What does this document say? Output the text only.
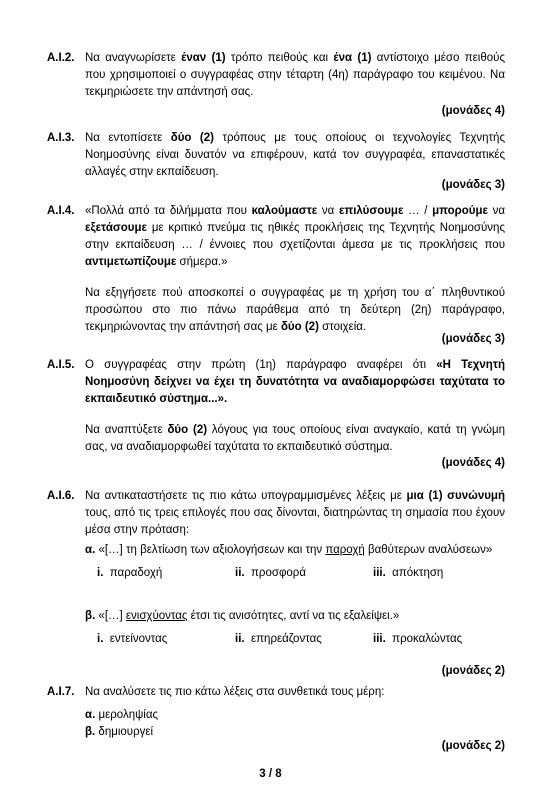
Α.Ι.2. Να αναγνωρίσετε έναν (1) τρόπο πειθούς και ένα (1) αντίστοιχο μέσο πειθούς που χρησιμοποιεί ο συγγραφέας στην τέταρτη (4η) παράγραφο του κειμένου. Να τεκμηριώσετε την απάντησή σας.
(μονάδες 4)
Α.Ι.3. Να εντοπίσετε δύο (2) τρόπους με τους οποίους οι τεχνολογίες Τεχνητής Νοημοσύνης είναι δυνατόν να επιφέρουν, κατά τον συγγραφέα, επαναστατικές αλλαγές στην εκπαίδευση.
(μονάδες 3)
Α.Ι.4. «Πολλά από τα διλήμματα που καλούμαστε να επιλύσουμε … / μπορούμε να εξετάσουμε με κριτικό πνεύμα τις ηθικές προκλήσεις της Τεχνητής Νοημοσύνης στην εκπαίδευση … / έννοιες που σχετίζονται άμεσα με τις προκλήσεις που αντιμετωπίζουμε σήμερα.»
Να εξηγήσετε πού αποσκοπεί ο συγγραφέας με τη χρήση του α΄ πληθυντικού προσώπου στο πιο πάνω παράθεμα από τη δεύτερη (2η) παράγραφο, τεκμηριώνοντας την απάντησή σας με δύο (2) στοιχεία.
(μονάδες 3)
Α.Ι.5. Ο συγγραφέας στην πρώτη (1η) παράγραφο αναφέρει ότι «Η Τεχνητή Νοημοσύνη δείχνει να έχει τη δυνατότητα να αναδιαμορφώσει ταχύτατα το εκπαιδευτικό σύστημα...».
Να αναπτύξετε δύο (2) λόγους για τους οποίους είναι αναγκαίο, κατά τη γνώμη σας, να αναδιαμορφωθεί ταχύτατα το εκπαιδευτικό σύστημα.
(μονάδες 4)
Α.Ι.6. Να αντικαταστήσετε τις πιο κάτω υπογραμμισμένες λέξεις με μια (1) συνώνυμή τους, από τις τρεις επιλογές που σας δίνονται, διατηρώντας τη σημασία που έχουν μέσα στην πρόταση:
α. «[…] τη βελτίωση των αξιολογήσεων και την παροχή βαθύτερων αναλύσεων»
i. παραδοχή	ii. προσφορά	iii. απόκτηση
β. «[…] ενισχύοντας έτσι τις ανισότητες, αντί να τις εξαλείψει.»
i. εντείνοντας	ii. επηρεάζοντας	iii. προκαλώντας
(μονάδες 2)
Α.Ι.7. Να αναλύσετε τις πιο κάτω λέξεις στα συνθετικά τους μέρη:
α. μεροληψίας
β. δημιουργεί
(μονάδες 2)
3 / 8
